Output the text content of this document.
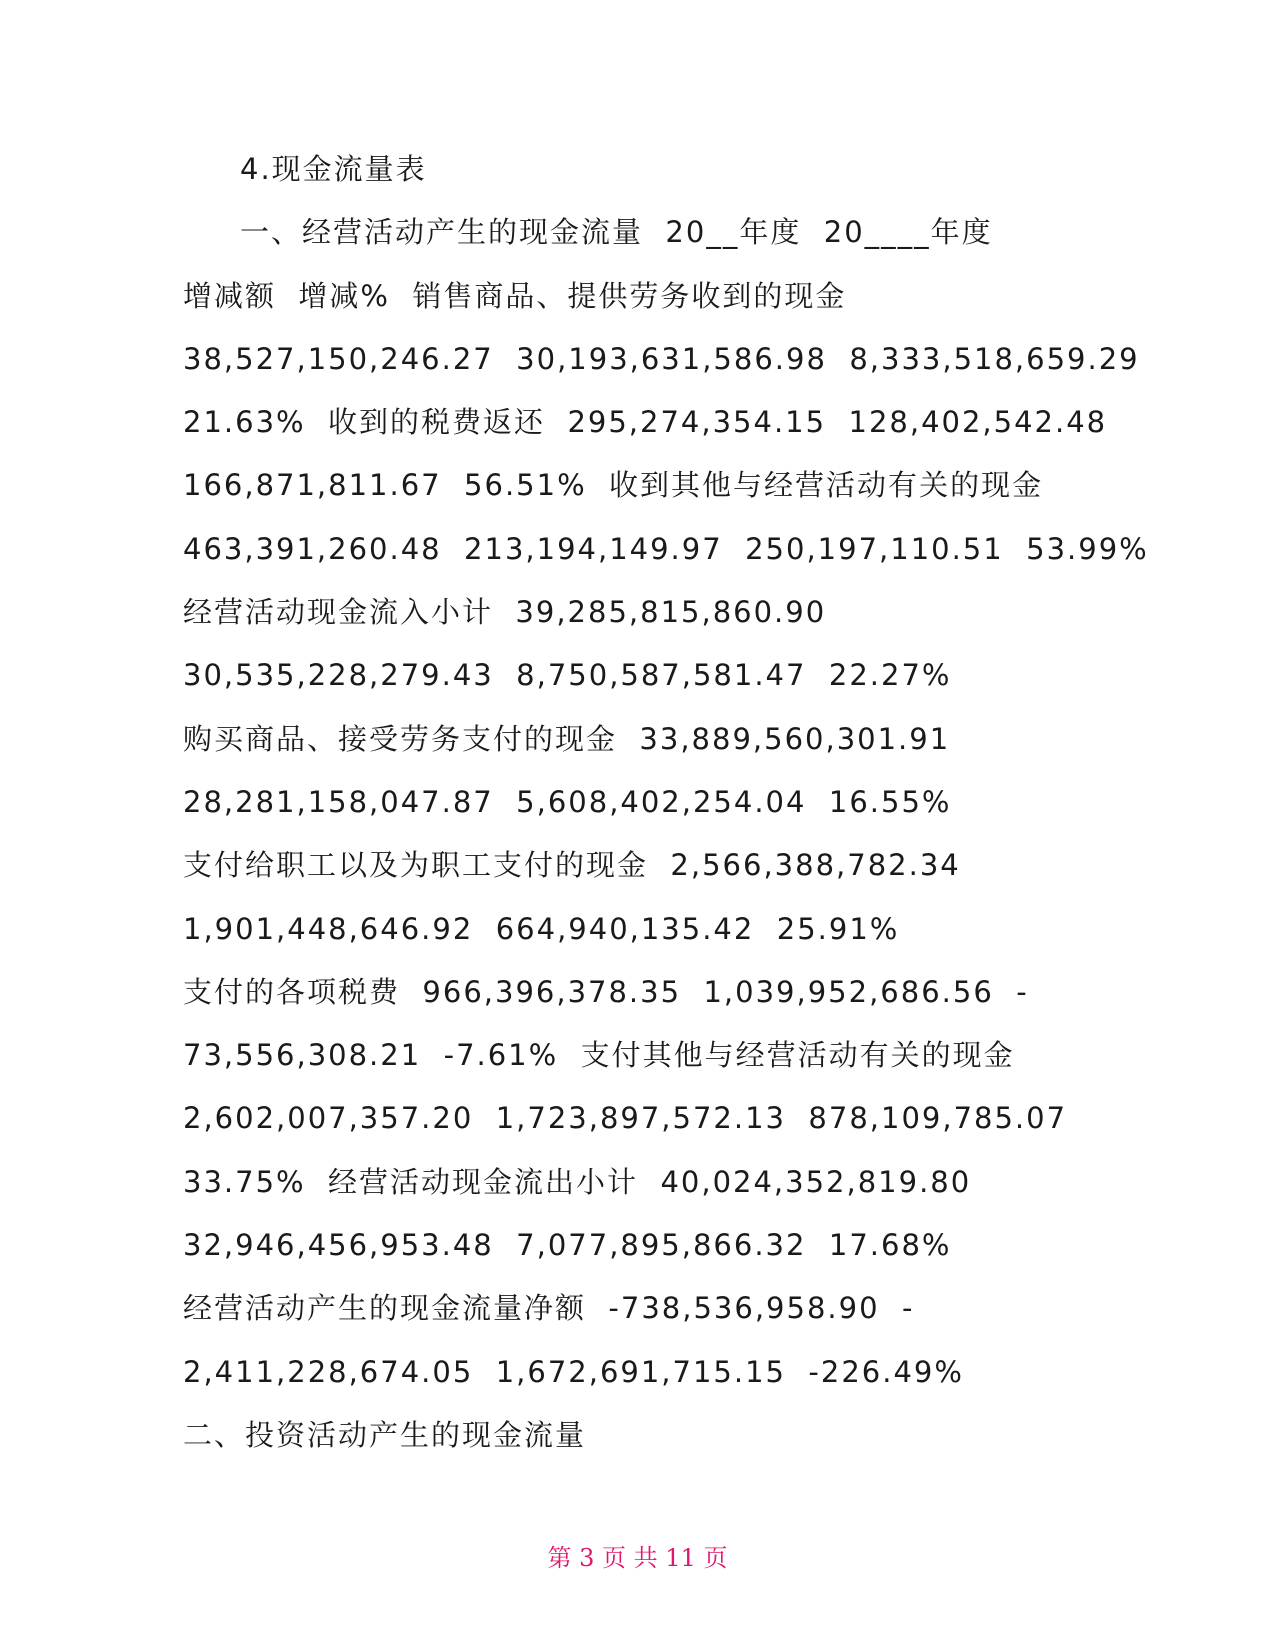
4.现金流量表
一、经营活动产生的现金流量  20__年度  20____年度
增减额  增减%  销售商品、提供劳务收到的现金
38,527,150,246.27  30,193,631,586.98  8,333,518,659.29
21.63%  收到的税费返还  295,274,354.15  128,402,542.48
166,871,811.67  56.51%  收到其他与经营活动有关的现金
463,391,260.48  213,194,149.97  250,197,110.51  53.99%
经营活动现金流入小计  39,285,815,860.90
30,535,228,279.43  8,750,587,581.47  22.27%
购买商品、接受劳务支付的现金  33,889,560,301.91
28,281,158,047.87  5,608,402,254.04  16.55%
支付给职工以及为职工支付的现金  2,566,388,782.34
1,901,448,646.92  664,940,135.42  25.91%
支付的各项税费  966,396,378.35  1,039,952,686.56  -
73,556,308.21  -7.61%  支付其他与经营活动有关的现金
2,602,007,357.20  1,723,897,572.13  878,109,785.07
33.75%  经营活动现金流出小计  40,024,352,819.80
32,946,456,953.48  7,077,895,866.32  17.68%
经营活动产生的现金流量净额  -738,536,958.90  -
2,411,228,674.05  1,672,691,715.15  -226.49%
二、投资活动产生的现金流量
第 3 页 共 11 页
